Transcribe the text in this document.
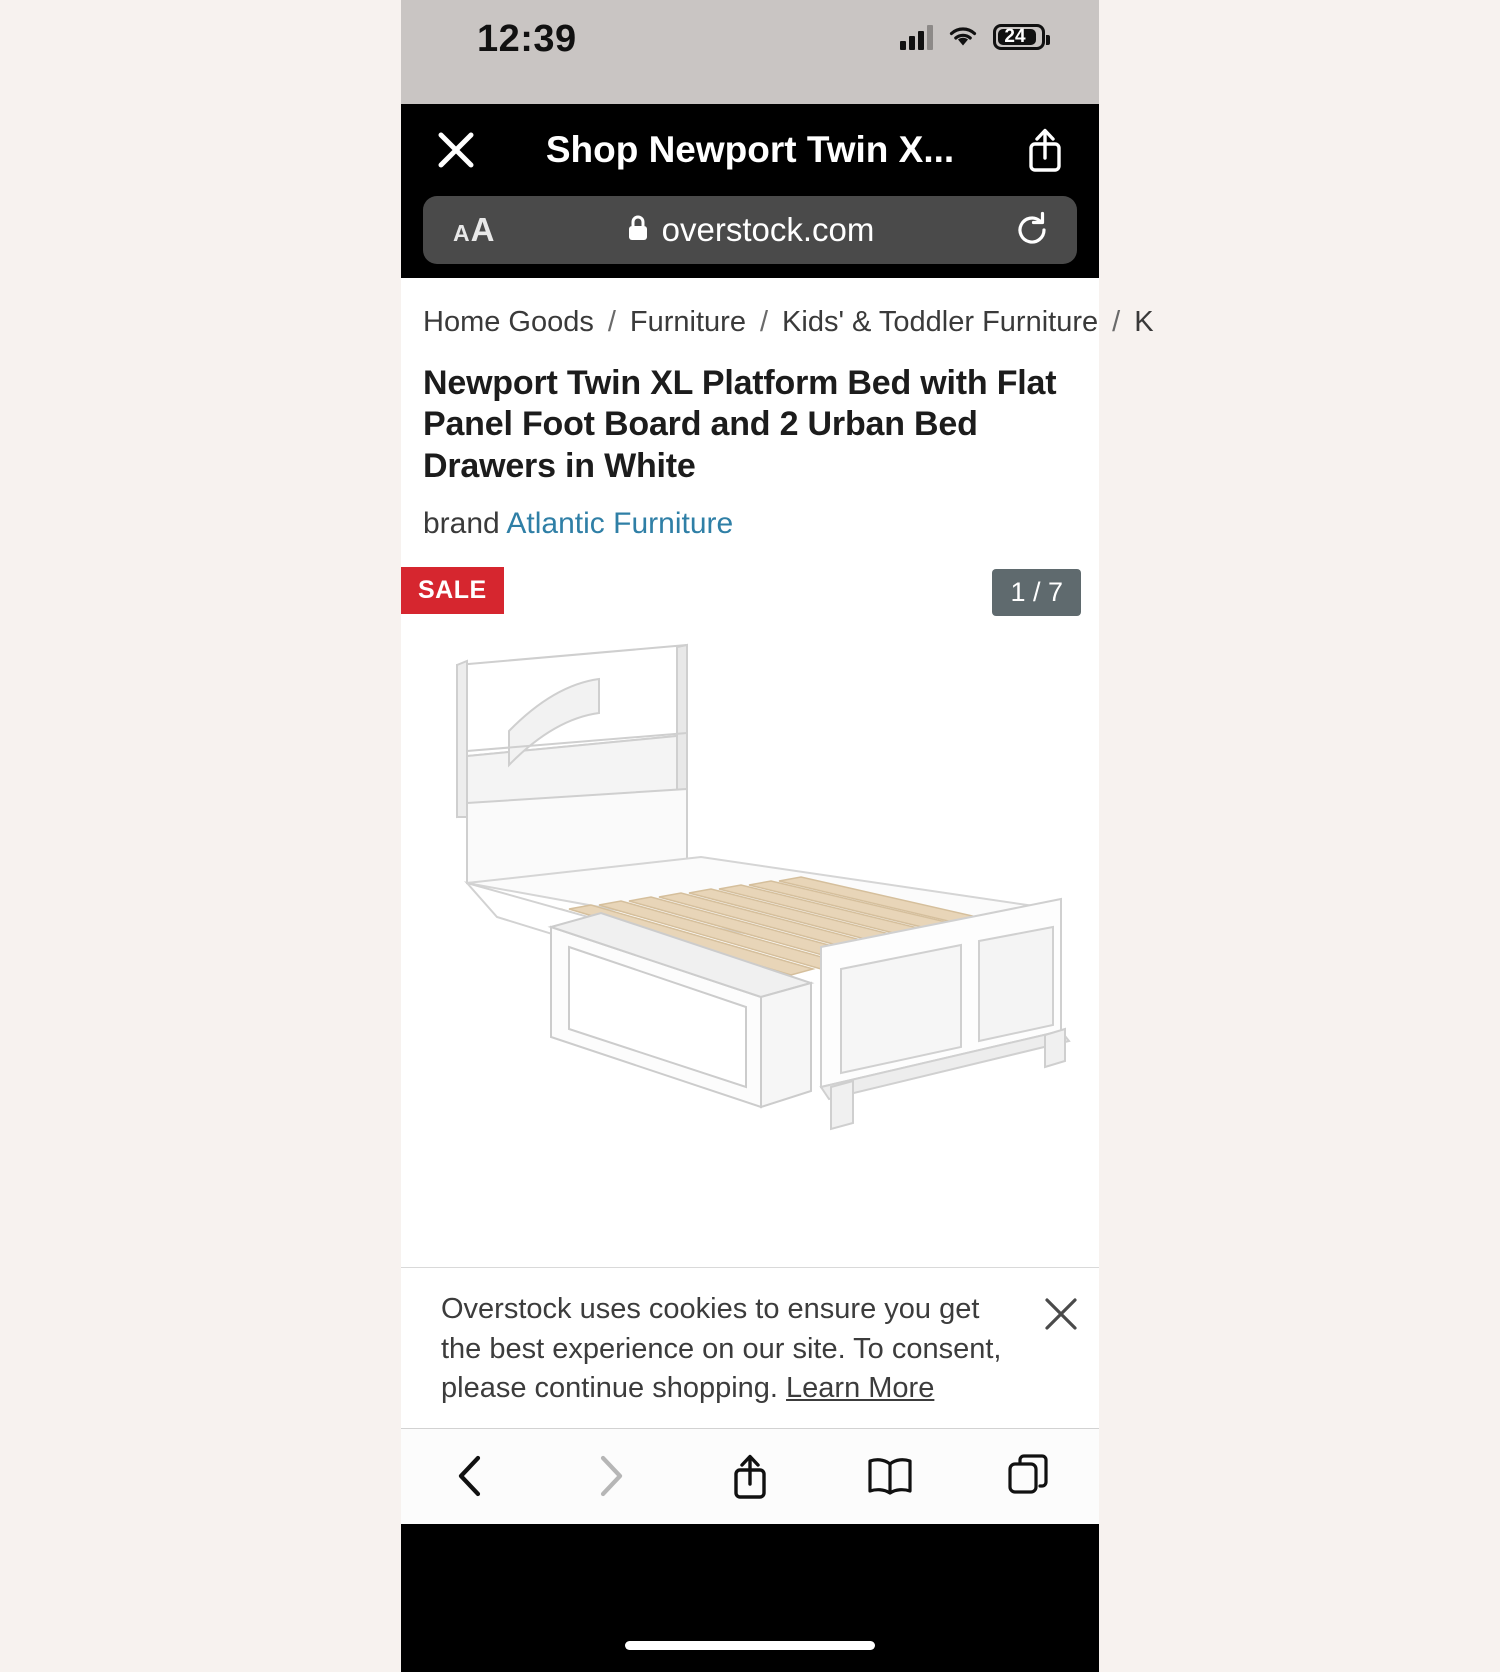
12:39	24
Shop Newport Twin X...
A A	overstock.com
Home Goods / Furniture / Kids' & Toddler Furniture / K
Newport Twin XL Platform Bed with Flat Panel Foot Board and 2 Urban Bed Drawers in White
brand Atlantic Furniture
SALE	1 / 7
Overstock uses cookies to ensure you get the best experience on our site. To consent, please continue shopping. Learn More
